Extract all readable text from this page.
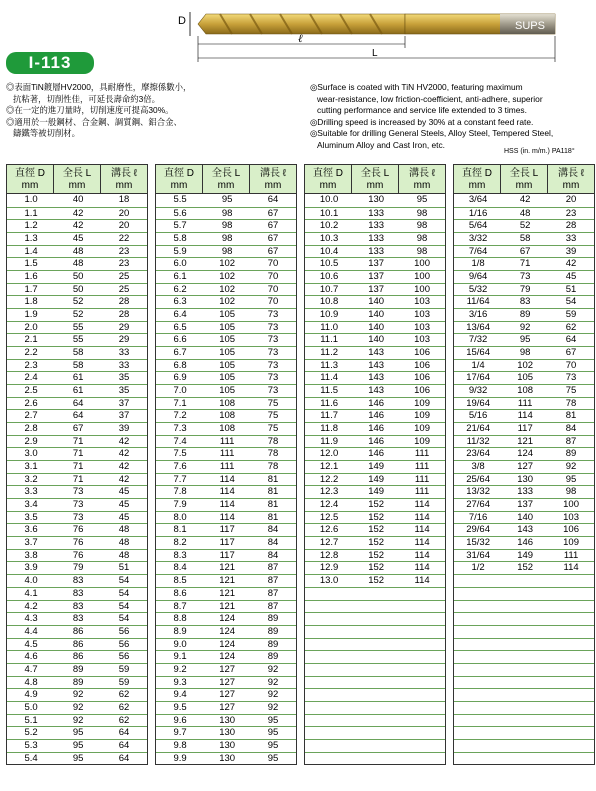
D	SUPS
ℓ
L
I-113

◎表面TiN鍍層HV2000，具耐磨性，摩擦係數小，

抗粘著，切削性佳，可延長壽命約3倍。

◎在一定的進刀量時，切削速度可提高30%。

◎適用於一般鋼材、合金鋼、調質鋼、鋁合金、

鑄鐵等被切削材。

◎Surface is coated with TiN HV2000, featuring maximum

wear-resistance, low friction-coefficient, anti-adhere, superior

cutting performance and service life extended to 3 times.

◎Drilling speed is increased by 30% at a constant feed rate.

◎Suitable for drilling General Steels, Alloy Steel, Tempered Steel,

Aluminum Alloy and Cast Iron, etc.

HSS (in. m/m.) PA118°
直徑 D
mm
全長 L
mm
溝長 ℓ
mm
1.0	40	18
1.1	42	20
1.2	42	20
1.3	45	22
1.4	48	23
1.5	48	23
1.6	50	25
1.7	50	25
1.8	52	28
1.9	52	28
2.0	55	29
2.1	55	29
2.2	58	33
2.3	58	33
2.4	61	35
2.5	61	35
2.6	64	37
2.7	64	37
2.8	67	39
2.9	71	42
3.0	71	42
3.1	71	42
3.2	71	42
3.3	73	45
3.4	73	45
3.5	73	45
3.6	76	48
3.7	76	48
3.8	76	48
3.9	79	51
4.0	83	54
4.1	83	54
4.2	83	54
4.3	83	54
4.4	86	56
4.5	86	56
4.6	86	56
4.7	89	59
4.8	89	59
4.9	92	62
5.0	92	62
5.1	92	62
5.2	95	64
5.3	95	64
5.4	95	64
直徑 D
mm
全長 L
mm
溝長 ℓ
mm
5.5	95	64
5.6	98	67
5.7	98	67
5.8	98	67
5.9	98	67
6.0	102	70
6.1	102	70
6.2	102	70
6.3	102	70
6.4	105	73
6.5	105	73
6.6	105	73
6.7	105	73
6.8	105	73
6.9	105	73
7.0	105	73
7.1	108	75
7.2	108	75
7.3	108	75
7.4	111	78
7.5	111	78
7.6	111	78
7.7	114	81
7.8	114	81
7.9	114	81
8.0	114	81
8.1	117	84
8.2	117	84
8.3	117	84
8.4	121	87
8.5	121	87
8.6	121	87
8.7	121	87
8.8	124	89
8.9	124	89
9.0	124	89
9.1	124	89
9.2	127	92
9.3	127	92
9.4	127	92
9.5	127	92
9.6	130	95
9.7	130	95
9.8	130	95
9.9	130	95
直徑 D
mm
全長 L
mm
溝長 ℓ
mm
10.0	130	95
10.1	133	98
10.2	133	98
10.3	133	98
10.4	133	98
10.5	137	100
10.6	137	100
10.7	137	100
10.8	140	103
10.9	140	103
11.0	140	103
11.1	140	103
11.2	143	106
11.3	143	106
11.4	143	106
11.5	143	106
11.6	146	109
11.7	146	109
11.8	146	109
11.9	146	109
12.0	146	111
12.1	149	111
12.2	149	111
12.3	149	111
12.4	152	114
12.5	152	114
12.6	152	114
12.7	152	114
12.8	152	114
12.9	152	114
13.0	152	114
直徑 D
mm
全長 L
mm
溝長 ℓ
mm
3/64	42	20
1/16	48	23
5/64	52	28
3/32	58	33
7/64	67	39
1/8	71	42
9/64	73	45
5/32	79	51
11/64	83	54
3/16	89	59
13/64	92	62
7/32	95	64
15/64	98	67
1/4	102	70
17/64	105	73
9/32	108	75
19/64	111	78
5/16	114	81
21/64	117	84
11/32	121	87
23/64	124	89
3/8	127	92
25/64	130	95
13/32	133	98
27/64	137	100
7/16	140	103
29/64	143	106
15/32	146	109
31/64	149	111
1/2	152	114
